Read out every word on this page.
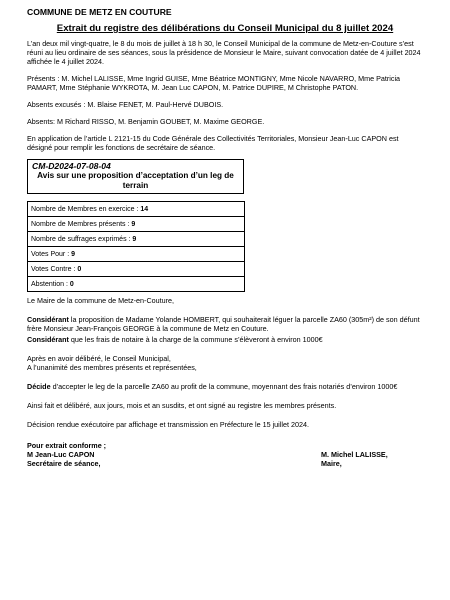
COMMUNE DE METZ EN COUTURE
Extrait du registre des délibérations du Conseil Municipal du 8 juillet 2024

L’an deux mil vingt-quatre, le 8 du mois de juillet à 18 h 30, le Conseil Municipal de la commune de Metz-en-Couture s’est réuni au lieu ordinaire de ses séances, sous la présidence de Monsieur le Maire, suivant convocation datée de 4 juillet 2024 affichée le 4 juillet 2024.

Présents : M. Michel LALISSE, Mme Ingrid GUISE, Mme Béatrice MONTIGNY, Mme Nicole NAVARRO, Mme Patricia PAMART, Mme Stéphanie WYKROTA, M. Jean Luc CAPON, M. Patrice DUPIRE, M Christophe PATON.

Absents excusés : M. Blaise FENET, M. Paul-Hervé DUBOIS.

Absents: M Richard RISSO, M. Benjamin GOUBET, M. Maxime GEORGE.

En application de l’article L 2121-15 du Code Générale des Collectivités Territoriales, Monsieur Jean-Luc CAPON est désigné pour remplir les fonctions de secrétaire de séance.

CM-D2024-07-08-04
Avis sur une proposition d’acceptation d’un leg de terrain
Nombre de Membres en exercice : 14
Nombre de Membres présents : 9
Nombre de suffrages exprimés : 9
Votes Pour : 9
Votes Contre : 0
Abstention : 0

Le Maire de la commune de Metz-en-Couture,

Considérant la proposition de Madame Yolande HOMBERT, qui souhaiterait léguer la parcelle ZA60 (305m²) de son défunt frère Monsieur Jean-François GEORGE à la commune de Metz en Couture.

Considérant que les frais de notaire à la charge de la commune s’élèveront à environ 1000€

Après en avoir délibéré, le Conseil Municipal,

A l’unanimité des membres présents et représentées,

Décide d’accepter le leg de la parcelle ZA60 au profit de la commune, moyennant des frais notariés d’environ 1000€

Ainsi fait et délibéré, aux jours, mois et an susdits, et ont signé au registre les membres présents.

Décision rendue exécutoire par affichage et transmission en Préfecture le 15 juillet 2024.

Pour extrait conforme ;
M Jean-Luc CAPON
Secrétaire de séance,

M. Michel LALISSE,
Maire,
